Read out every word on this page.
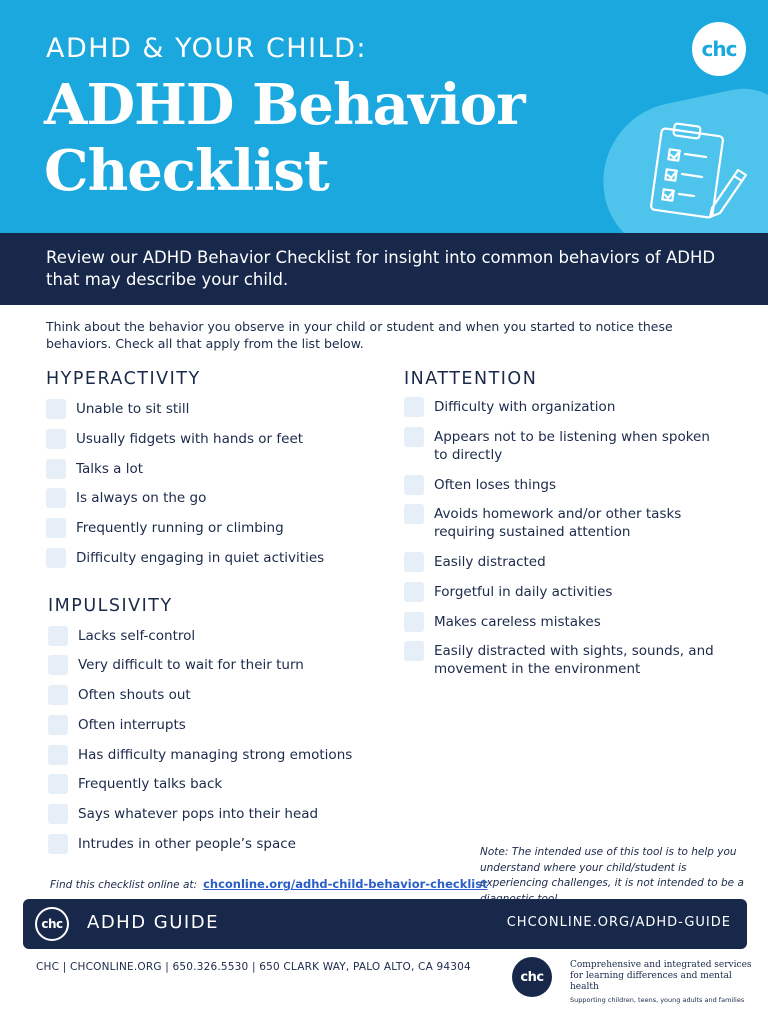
ADHD & YOUR CHILD:
ADHD Behavior
Checklist
chc

Review our ADHD Behavior Checklist for insight into common behaviors of ADHD that may describe your child.

Think about the behavior you observe in your child or student and when you started to notice these behaviors. Check all that apply from the list below.
HYPERACTIVITY
Unable to sit still
Usually fidgets with hands or feet
Talks a lot
Is always on the go
Frequently running or climbing
Difficulty engaging in quiet activities
IMPULSIVITY
Lacks self-control
Very difficult to wait for their turn
Often shouts out
Often interrupts
Has difficulty managing strong emotions
Frequently talks back
Says whatever pops into their head
Intrudes in other people’s space
INATTENTION
Difficulty with organization
Appears not to be listening when spoken to directly
Often loses things
Avoids homework and/or other tasks requiring sustained attention
Easily distracted
Forgetful in daily activities
Makes careless mistakes
Easily distracted with sights, sounds, and movement in the environment
Note: The intended use of this tool is to help you understand where your child/student is experiencing challenges, it is not intended to be a
Find this checklist online at: chconline.org/adhd-child-behavior-checklist
chc ADHD GUIDE	CHCONLINE.ORG/ADHD-GUIDE
CHC | CHCONLINE.ORG | 650.326.5530 | 650 CLARK WAY, PALO ALTO, CA 94304
chc
Comprehensive and integrated services for learning differences and mental health
Supporting children, teens, young adults and families
